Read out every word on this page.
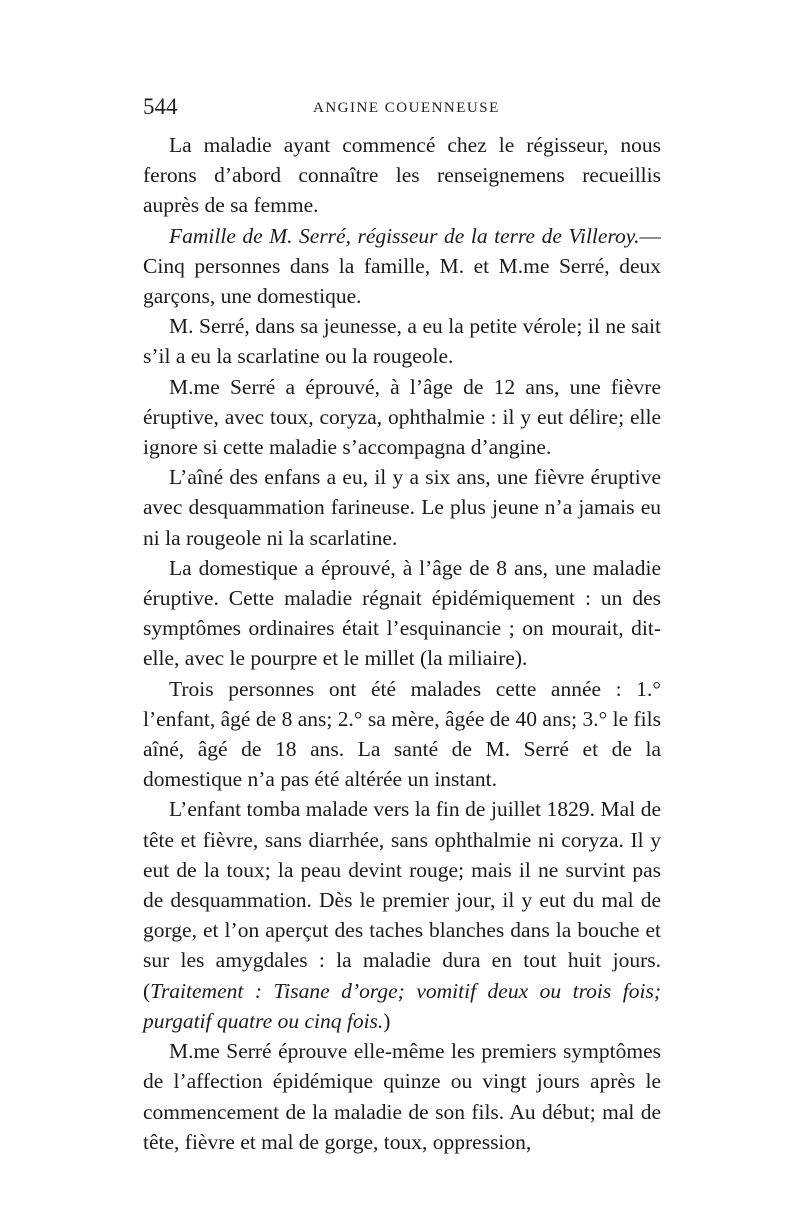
544	ANGINE COUENNEUSE

La maladie ayant commencé chez le régisseur, nous ferons d’abord connaître les renseignemens recueillis auprès de sa femme.

Famille de M. Serré, régisseur de la terre de Villeroy.—Cinq personnes dans la famille, M. et M.me Serré, deux garçons, une domestique.

M. Serré, dans sa jeunesse, a eu la petite vérole; il ne sait s’il a eu la scarlatine ou la rougeole.

M.me Serré a éprouvé, à l’âge de 12 ans, une fièvre éruptive, avec toux, coryza, ophthalmie : il y eut délire; elle ignore si cette maladie s’accompagna d’angine.

L’aîné des enfans a eu, il y a six ans, une fièvre éruptive avec desquammation farineuse. Le plus jeune n’a jamais eu ni la rougeole ni la scarlatine.

La domestique a éprouvé, à l’âge de 8 ans, une maladie éruptive. Cette maladie régnait épidémiquement : un des symptômes ordinaires était l’esquinancie ; on mourait, dit-elle, avec le pourpre et le millet (la miliaire).

Trois personnes ont été malades cette année : 1.° l’enfant, âgé de 8 ans; 2.° sa mère, âgée de 40 ans; 3.° le fils aîné, âgé de 18 ans. La santé de M. Serré et de la domestique n’a pas été altérée un instant.

L’enfant tomba malade vers la fin de juillet 1829. Mal de tête et fièvre, sans diarrhée, sans ophthalmie ni coryza. Il y eut de la toux; la peau devint rouge; mais il ne survint pas de desquammation. Dès le premier jour, il y eut du mal de gorge, et l’on aperçut des taches blanches dans la bouche et sur les amygdales : la maladie dura en tout huit jours. (Traitement : Tisane d’orge; vomitif deux ou trois fois; purgatif quatre ou cinq fois.)

M.me Serré éprouve elle-même les premiers symptômes de l’affection épidémique quinze ou vingt jours après le commencement de la maladie de son fils. Au début; mal de tête, fièvre et mal de gorge, toux, oppression,
